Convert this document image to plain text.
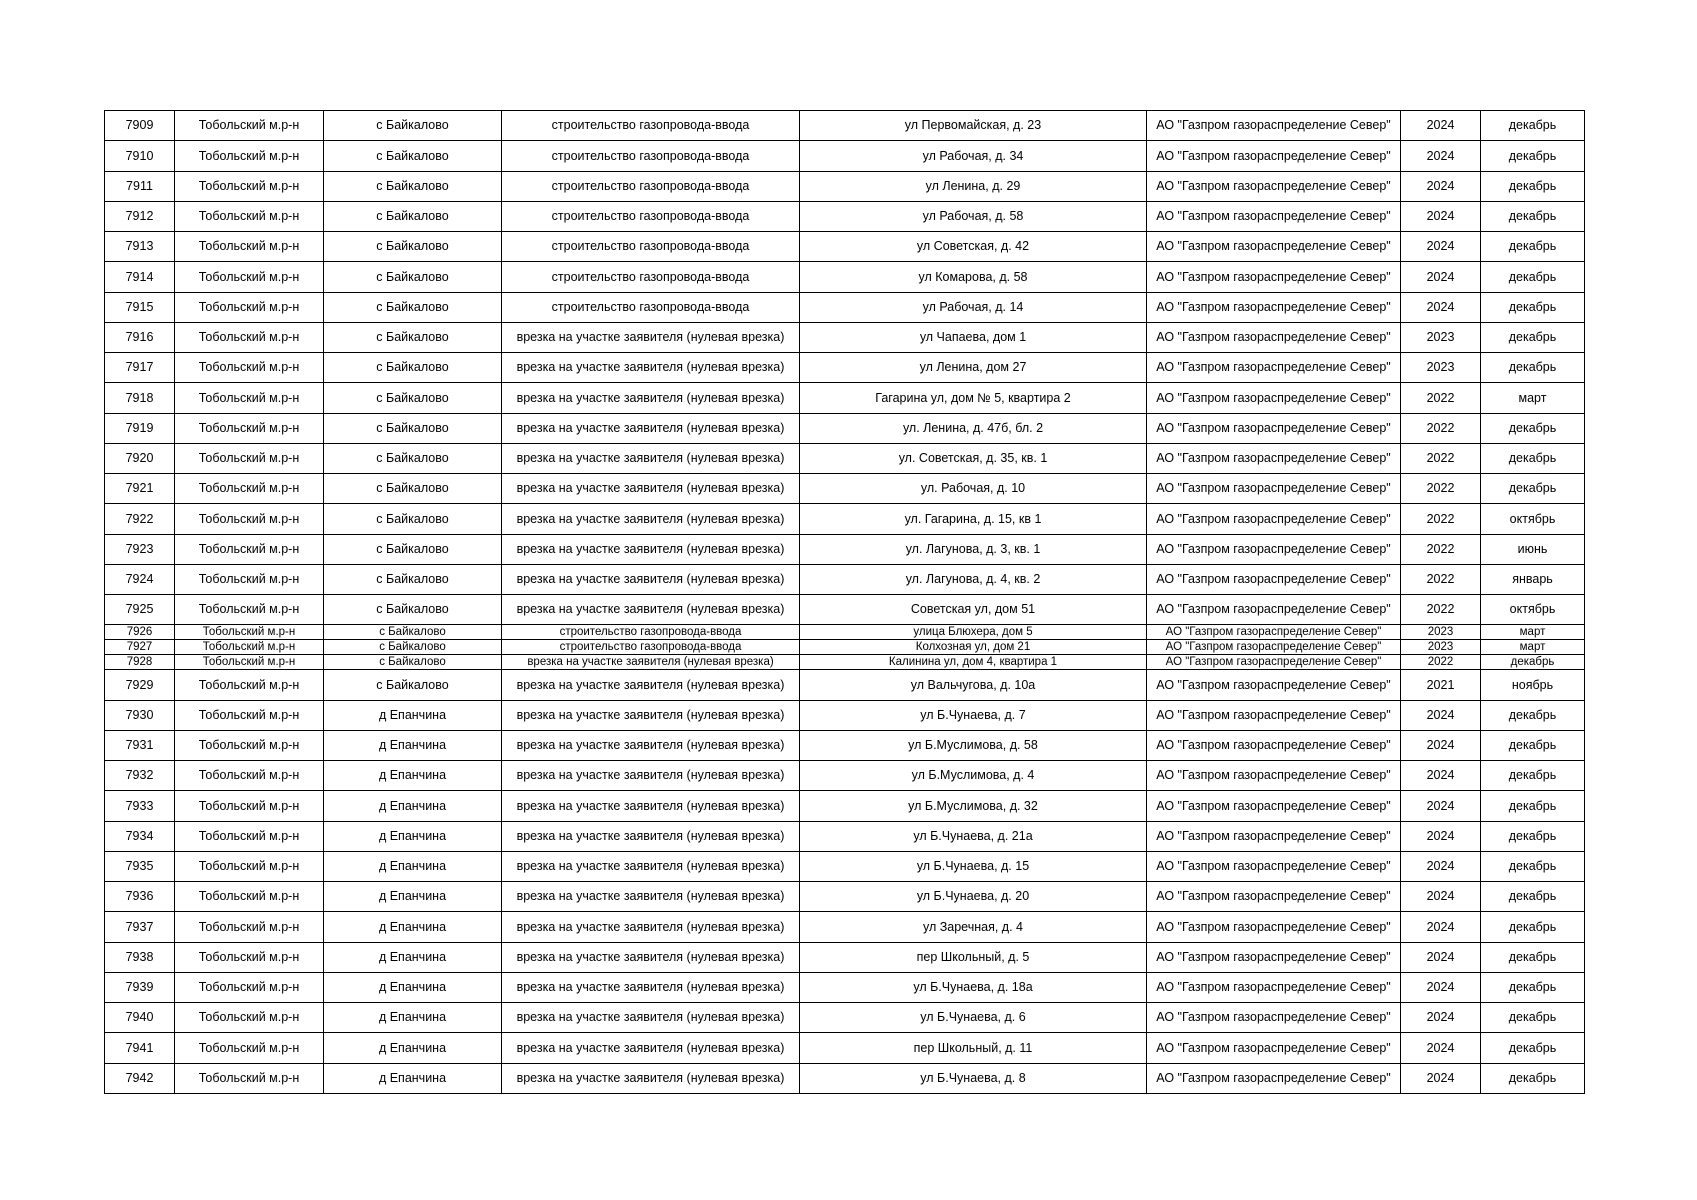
7909	Тобольский м.р-н	с Байкалово	строительство газопровода-ввода	ул Первомайская, д. 23	АО "Газпром газораспределение Север"	2024	декабрь
7910	Тобольский м.р-н	с Байкалово	строительство газопровода-ввода	ул Рабочая, д. 34	АО "Газпром газораспределение Север"	2024	декабрь
7911	Тобольский м.р-н	с Байкалово	строительство газопровода-ввода	ул Ленина, д. 29	АО "Газпром газораспределение Север"	2024	декабрь
7912	Тобольский м.р-н	с Байкалово	строительство газопровода-ввода	ул Рабочая, д. 58	АО "Газпром газораспределение Север"	2024	декабрь
7913	Тобольский м.р-н	с Байкалово	строительство газопровода-ввода	ул Советская, д. 42	АО "Газпром газораспределение Север"	2024	декабрь
7914	Тобольский м.р-н	с Байкалово	строительство газопровода-ввода	ул Комарова, д. 58	АО "Газпром газораспределение Север"	2024	декабрь
7915	Тобольский м.р-н	с Байкалово	строительство газопровода-ввода	ул Рабочая, д. 14	АО "Газпром газораспределение Север"	2024	декабрь
7916	Тобольский м.р-н	с Байкалово	врезка на участке заявителя (нулевая врезка)	ул Чапаева, дом 1	АО "Газпром газораспределение Север"	2023	декабрь
7917	Тобольский м.р-н	с Байкалово	врезка на участке заявителя (нулевая врезка)	ул Ленина, дом 27	АО "Газпром газораспределение Север"	2023	декабрь
7918	Тобольский м.р-н	с Байкалово	врезка на участке заявителя (нулевая врезка)	Гагарина ул, дом № 5, квартира 2	АО "Газпром газораспределение Север"	2022	март
7919	Тобольский м.р-н	с Байкалово	врезка на участке заявителя (нулевая врезка)	ул. Ленина, д. 47б, бл. 2	АО "Газпром газораспределение Север"	2022	декабрь
7920	Тобольский м.р-н	с Байкалово	врезка на участке заявителя (нулевая врезка)	ул. Советская, д. 35, кв. 1	АО "Газпром газораспределение Север"	2022	декабрь
7921	Тобольский м.р-н	с Байкалово	врезка на участке заявителя (нулевая врезка)	ул. Рабочая, д. 10	АО "Газпром газораспределение Север"	2022	декабрь
7922	Тобольский м.р-н	с Байкалово	врезка на участке заявителя (нулевая врезка)	ул. Гагарина, д. 15, кв 1	АО "Газпром газораспределение Север"	2022	октябрь
7923	Тобольский м.р-н	с Байкалово	врезка на участке заявителя (нулевая врезка)	ул. Лагунова, д. 3, кв. 1	АО "Газпром газораспределение Север"	2022	июнь
7924	Тобольский м.р-н	с Байкалово	врезка на участке заявителя (нулевая врезка)	ул. Лагунова, д. 4, кв. 2	АО "Газпром газораспределение Север"	2022	январь
7925	Тобольский м.р-н	с Байкалово	врезка на участке заявителя (нулевая врезка)	Советская ул, дом 51	АО "Газпром газораспределение Север"	2022	октябрь
7926	Тобольский м.р-н	с Байкалово	строительство газопровода-ввода	улица Блюхера, дом 5	АО "Газпром газораспределение Север"	2023	март
7927	Тобольский м.р-н	с Байкалово	строительство газопровода-ввода	Колхозная ул, дом 21	АО "Газпром газораспределение Север"	2023	март
7928	Тобольский м.р-н	с Байкалово	врезка на участке заявителя (нулевая врезка)	Калинина ул, дом 4, квартира 1	АО "Газпром газораспределение Север"	2022	декабрь
7929	Тобольский м.р-н	с Байкалово	врезка на участке заявителя (нулевая врезка)	ул Вальчугова, д. 10а	АО "Газпром газораспределение Север"	2021	ноябрь
7930	Тобольский м.р-н	д Епанчина	врезка на участке заявителя (нулевая врезка)	ул Б.Чунаева, д. 7	АО "Газпром газораспределение Север"	2024	декабрь
7931	Тобольский м.р-н	д Епанчина	врезка на участке заявителя (нулевая врезка)	ул Б.Муслимова, д. 58	АО "Газпром газораспределение Север"	2024	декабрь
7932	Тобольский м.р-н	д Епанчина	врезка на участке заявителя (нулевая врезка)	ул Б.Муслимова, д. 4	АО "Газпром газораспределение Север"	2024	декабрь
7933	Тобольский м.р-н	д Епанчина	врезка на участке заявителя (нулевая врезка)	ул Б.Муслимова, д. 32	АО "Газпром газораспределение Север"	2024	декабрь
7934	Тобольский м.р-н	д Епанчина	врезка на участке заявителя (нулевая врезка)	ул Б.Чунаева, д. 21а	АО "Газпром газораспределение Север"	2024	декабрь
7935	Тобольский м.р-н	д Епанчина	врезка на участке заявителя (нулевая врезка)	ул Б.Чунаева, д. 15	АО "Газпром газораспределение Север"	2024	декабрь
7936	Тобольский м.р-н	д Епанчина	врезка на участке заявителя (нулевая врезка)	ул Б.Чунаева, д. 20	АО "Газпром газораспределение Север"	2024	декабрь
7937	Тобольский м.р-н	д Епанчина	врезка на участке заявителя (нулевая врезка)	ул Заречная, д. 4	АО "Газпром газораспределение Север"	2024	декабрь
7938	Тобольский м.р-н	д Епанчина	врезка на участке заявителя (нулевая врезка)	пер Школьный, д. 5	АО "Газпром газораспределение Север"	2024	декабрь
7939	Тобольский м.р-н	д Епанчина	врезка на участке заявителя (нулевая врезка)	ул Б.Чунаева, д. 18а	АО "Газпром газораспределение Север"	2024	декабрь
7940	Тобольский м.р-н	д Епанчина	врезка на участке заявителя (нулевая врезка)	ул Б.Чунаева, д. 6	АО "Газпром газораспределение Север"	2024	декабрь
7941	Тобольский м.р-н	д Епанчина	врезка на участке заявителя (нулевая врезка)	пер Школьный, д. 11	АО "Газпром газораспределение Север"	2024	декабрь
7942	Тобольский м.р-н	д Епанчина	врезка на участке заявителя (нулевая врезка)	ул Б.Чунаева, д. 8	АО "Газпром газораспределение Север"	2024	декабрь
